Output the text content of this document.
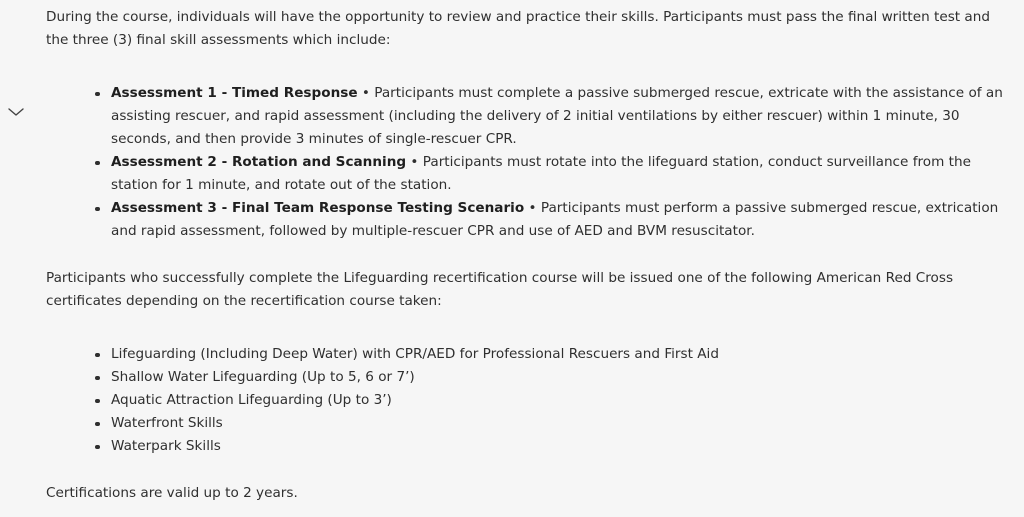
During the course, individuals will have the opportunity to review and practice their skills. Participants must pass the final written test and the three (3) final skill assessments which include:

Assessment 1 - Timed Response • Participants must complete a passive submerged rescue, extricate with the assistance of an assisting rescuer, and rapid assessment (including the delivery of 2 initial ventilations by either rescuer) within 1 minute, 30 seconds, and then provide 3 minutes of single-rescuer CPR.
Assessment 2 - Rotation and Scanning • Participants must rotate into the lifeguard station, conduct surveillance from the station for 1 minute, and rotate out of the station.
Assessment 3 - Final Team Response Testing Scenario • Participants must perform a passive submerged rescue, extrication and rapid assessment, followed by multiple-rescuer CPR and use of AED and BVM resuscitator.

Participants who successfully complete the Lifeguarding recertification course will be issued one of the following American Red Cross certificates depending on the recertification course taken:

Lifeguarding (Including Deep Water) with CPR/AED for Professional Rescuers and First Aid
Shallow Water Lifeguarding (Up to 5, 6 or 7’)
Aquatic Attraction Lifeguarding (Up to 3’)
Waterfront Skills
Waterpark Skills

Certifications are valid up to 2 years.
